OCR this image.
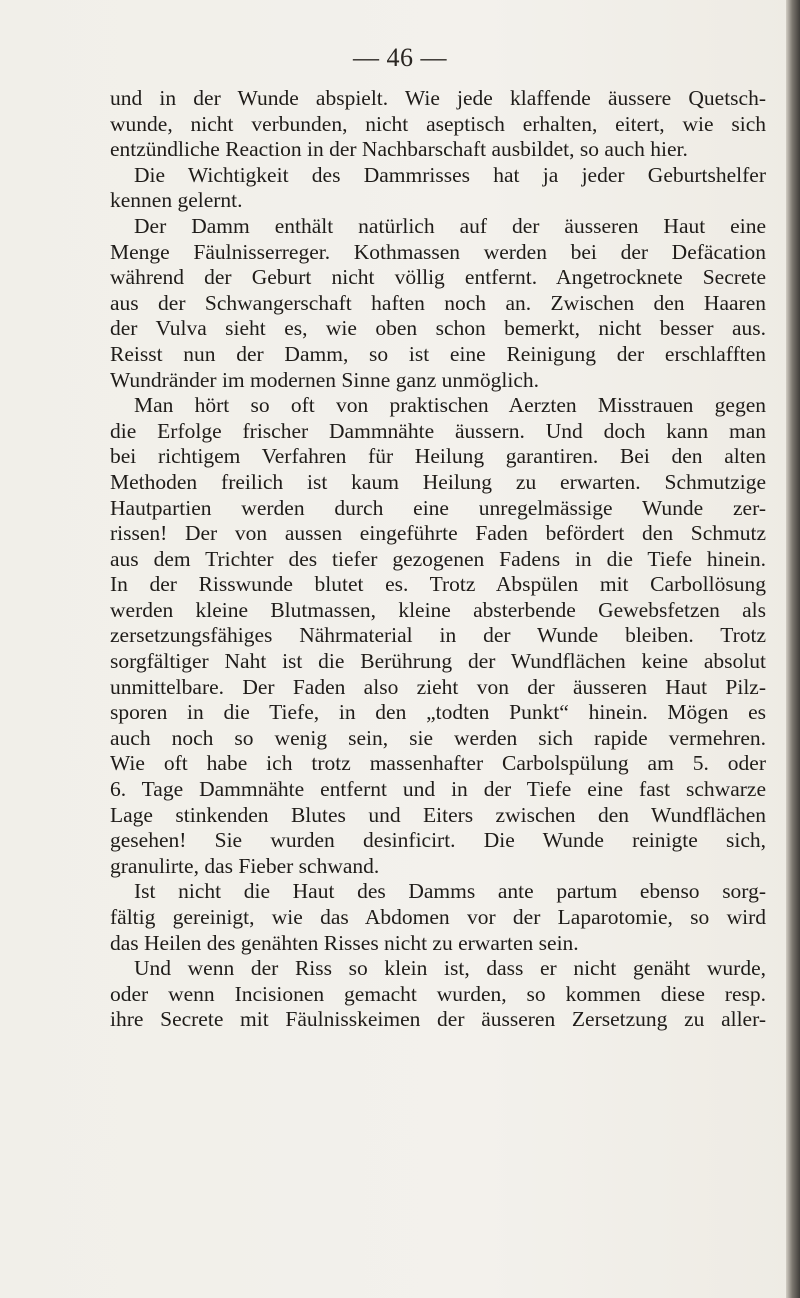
— 46 —

und in der Wunde abspielt. Wie jede klaffende äussere Quetsch-
wunde, nicht verbunden, nicht aseptisch erhalten, eitert, wie sich
entzündliche Reaction in der Nachbarschaft ausbildet, so auch hier.

Die Wichtigkeit des Dammrisses hat ja jeder Geburtshelfer
kennen gelernt.

Der Damm enthält natürlich auf der äusseren Haut eine
Menge Fäulnisserreger. Kothmassen werden bei der Defäcation
während der Geburt nicht völlig entfernt. Angetrocknete Secrete
aus der Schwangerschaft haften noch an. Zwischen den Haaren
der Vulva sieht es, wie oben schon bemerkt, nicht besser aus.
Reisst nun der Damm, so ist eine Reinigung der erschlafften
Wundränder im modernen Sinne ganz unmöglich.

Man hört so oft von praktischen Aerzten Misstrauen gegen
die Erfolge frischer Dammnähte äussern. Und doch kann man
bei richtigem Verfahren für Heilung garantiren. Bei den alten
Methoden freilich ist kaum Heilung zu erwarten. Schmutzige
Hautpartien werden durch eine unregelmässige Wunde zer-
rissen! Der von aussen eingeführte Faden befördert den Schmutz
aus dem Trichter des tiefer gezogenen Fadens in die Tiefe hinein.
In der Risswunde blutet es. Trotz Abspülen mit Carbollösung
werden kleine Blutmassen, kleine absterbende Gewebsfetzen als
zersetzungsfähiges Nährmaterial in der Wunde bleiben. Trotz
sorgfältiger Naht ist die Berührung der Wundflächen keine absolut
unmittelbare. Der Faden also zieht von der äusseren Haut Pilz-
sporen in die Tiefe, in den „todten Punkt“ hinein. Mögen es
auch noch so wenig sein, sie werden sich rapide vermehren.
Wie oft habe ich trotz massenhafter Carbolspülung am 5. oder
6. Tage Dammnähte entfernt und in der Tiefe eine fast schwarze
Lage stinkenden Blutes und Eiters zwischen den Wundflächen
gesehen! Sie wurden desinficirt. Die Wunde reinigte sich,
granulirte, das Fieber schwand.

Ist nicht die Haut des Damms ante partum ebenso sorg-
fältig gereinigt, wie das Abdomen vor der Laparotomie, so wird
das Heilen des genähten Risses nicht zu erwarten sein.

Und wenn der Riss so klein ist, dass er nicht genäht wurde,
oder wenn Incisionen gemacht wurden, so kommen diese resp.
ihre Secrete mit Fäulnisskeimen der äusseren Zersetzung zu aller-
